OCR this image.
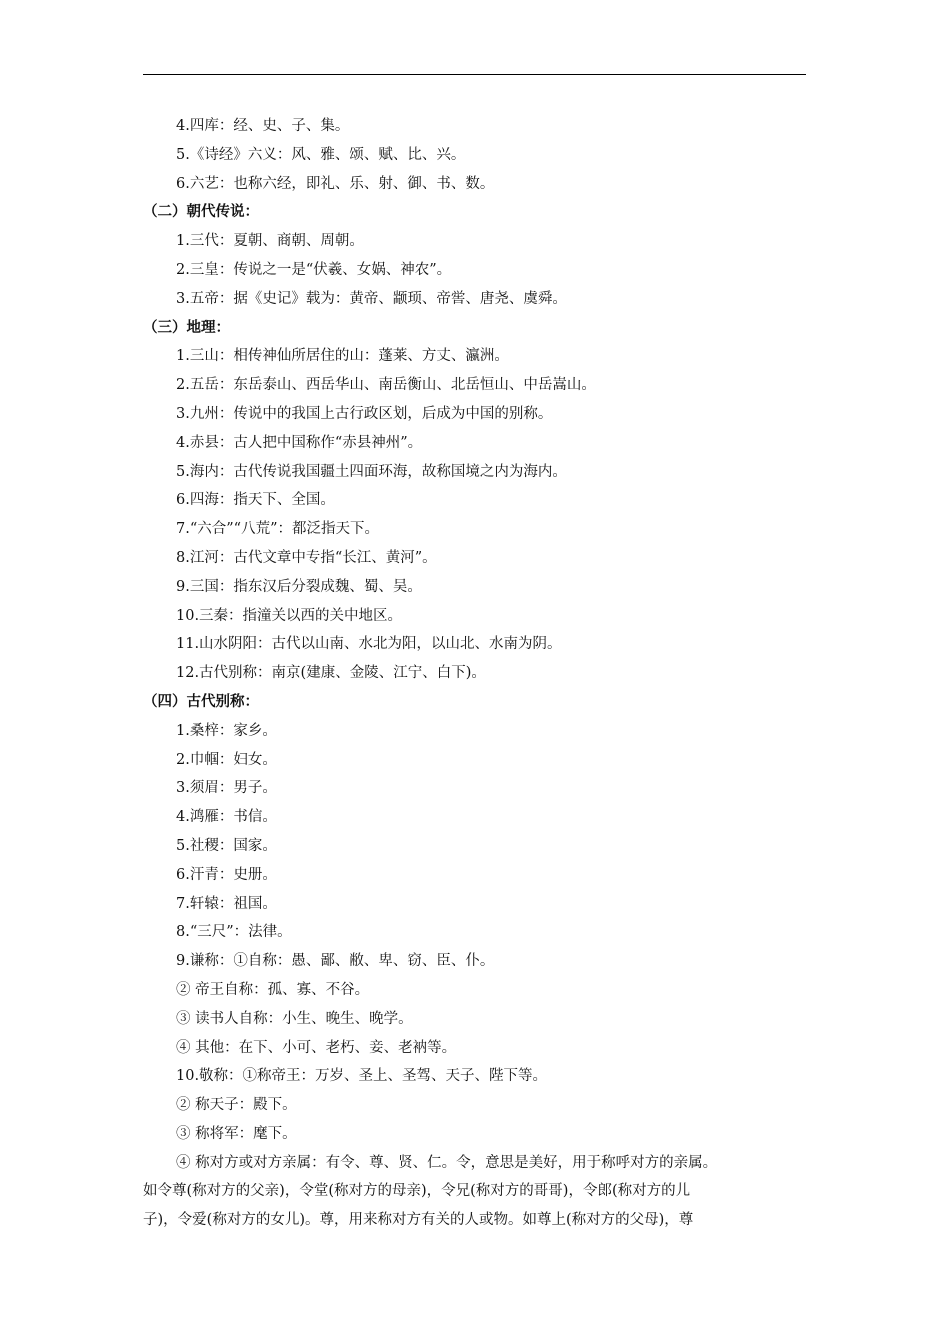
4.四库：经、史、子、集。
5.《诗经》六义：风、雅、颂、赋、比、兴。
6.六艺：也称六经，即礼、乐、射、御、书、数。
（二）朝代传说：
1.三代：夏朝、商朝、周朝。
2.三皇：传说之一是“伏羲、女娲、神农”。
3.五帝：据《史记》载为：黄帝、颛顼、帝喾、唐尧、虞舜。
（三）地理：
1.三山：相传神仙所居住的山：蓬莱、方丈、瀛洲。
2.五岳：东岳泰山、西岳华山、南岳衡山、北岳恒山、中岳嵩山。
3.九州：传说中的我国上古行政区划，后成为中国的别称。
4.赤县：古人把中国称作“赤县神州”。
5.海内：古代传说我国疆土四面环海，故称国境之内为海内。
6.四海：指天下、全国。
7.“六合”“八荒”：都泛指天下。
8.江河：古代文章中专指“长江、黄河”。
9.三国：指东汉后分裂成魏、蜀、吴。
10.三秦：指潼关以西的关中地区。
11.山水阴阳：古代以山南、水北为阳，以山北、水南为阴。
12.古代别称：南京(建康、金陵、江宁、白下)。
（四）古代别称：
1.桑梓：家乡。
2.巾帼：妇女。
3.须眉：男子。
4.鸿雁：书信。
5.社稷：国家。
6.汗青：史册。
7.轩辕：祖国。
8.“三尺”：法律。
9.谦称：①自称：愚、鄙、敝、卑、窃、臣、仆。
② 帝王自称：孤、寡、不谷。
③ 读书人自称：小生、晚生、晚学。
④ 其他：在下、小可、老朽、妾、老衲等。
10.敬称：①称帝王：万岁、圣上、圣驾、天子、陛下等。
② 称天子：殿下。
③ 称将军：麾下。
④ 称对方或对方亲属：有令、尊、贤、仁。令，意思是美好，用于称呼对方的亲属。
如令尊(称对方的父亲)，令堂(称对方的母亲)，令兄(称对方的哥哥)，令郎(称对方的儿
子)，令爱(称对方的女儿)。尊，用来称对方有关的人或物。如尊上(称对方的父母)，尊
